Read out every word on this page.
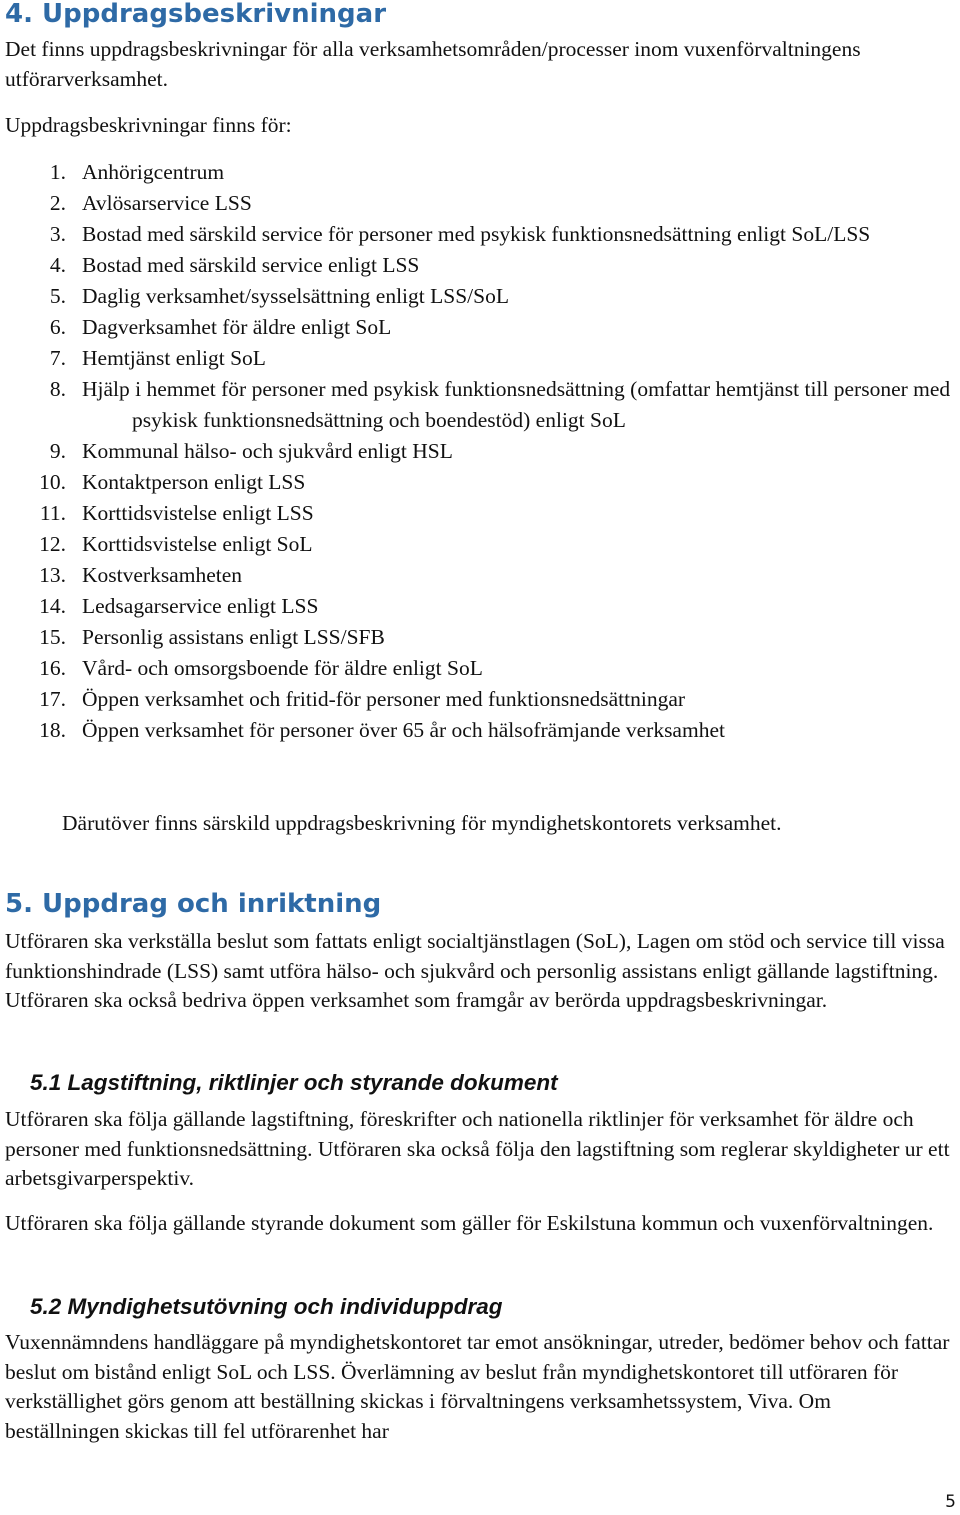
4. Uppdragsbeskrivningar

Det finns uppdragsbeskrivningar för alla verksamhetsområden/processer inom vuxenförvaltningens utförarverksamhet.

Uppdragsbeskrivningar finns för:

1. Anhörigcentrum
2. Avlösarservice LSS
3. Bostad med särskild service för personer med psykisk funktionsnedsättning enligt SoL/LSS
4. Bostad med särskild service enligt LSS
5. Daglig verksamhet/sysselsättning enligt LSS/SoL
6. Dagverksamhet för äldre enligt SoL
7. Hemtjänst enligt SoL
8. Hjälp i hemmet för personer med psykisk funktionsnedsättning (omfattar hemtjänst till personer med psykisk funktionsnedsättning och boendestöd) enligt SoL
9. Kommunal hälso- och sjukvård enligt HSL
10. Kontaktperson enligt LSS
11. Korttidsvistelse enligt LSS
12. Korttidsvistelse enligt SoL
13. Kostverksamheten
14. Ledsagarservice enligt LSS
15. Personlig assistans enligt LSS/SFB
16. Vård- och omsorgsboende för äldre enligt SoL
17. Öppen verksamhet och fritid-för personer med funktionsnedsättningar
18. Öppen verksamhet för personer över 65 år och hälsofrämjande verksamhet

Därutöver finns särskild uppdragsbeskrivning för myndighetskontorets verksamhet.

5. Uppdrag och inriktning

Utföraren ska verkställa beslut som fattats enligt socialtjänstlagen (SoL), Lagen om stöd och service till vissa funktionshindrade (LSS) samt utföra hälso- och sjukvård och personlig assistans enligt gällande lagstiftning. Utföraren ska också bedriva öppen verksamhet som framgår av berörda uppdragsbeskrivningar.

5.1 Lagstiftning, riktlinjer och styrande dokument

Utföraren ska följa gällande lagstiftning, föreskrifter och nationella riktlinjer för verksamhet för äldre och personer med funktionsnedsättning. Utföraren ska också följa den lagstiftning som reglerar skyldigheter ur ett arbetsgivarperspektiv.

Utföraren ska följa gällande styrande dokument som gäller för Eskilstuna kommun och vuxenförvaltningen.

5.2 Myndighetsutövning och individuppdrag

Vuxennämndens handläggare på myndighetskontoret tar emot ansökningar, utreder, bedömer behov och fattar beslut om bistånd enligt SoL och LSS. Överlämning av beslut från myndighetskontoret till utföraren för verkställighet görs genom att beställning skickas i förvaltningens verksamhetssystem, Viva. Om beställningen skickas till fel utförarenhet har

5
